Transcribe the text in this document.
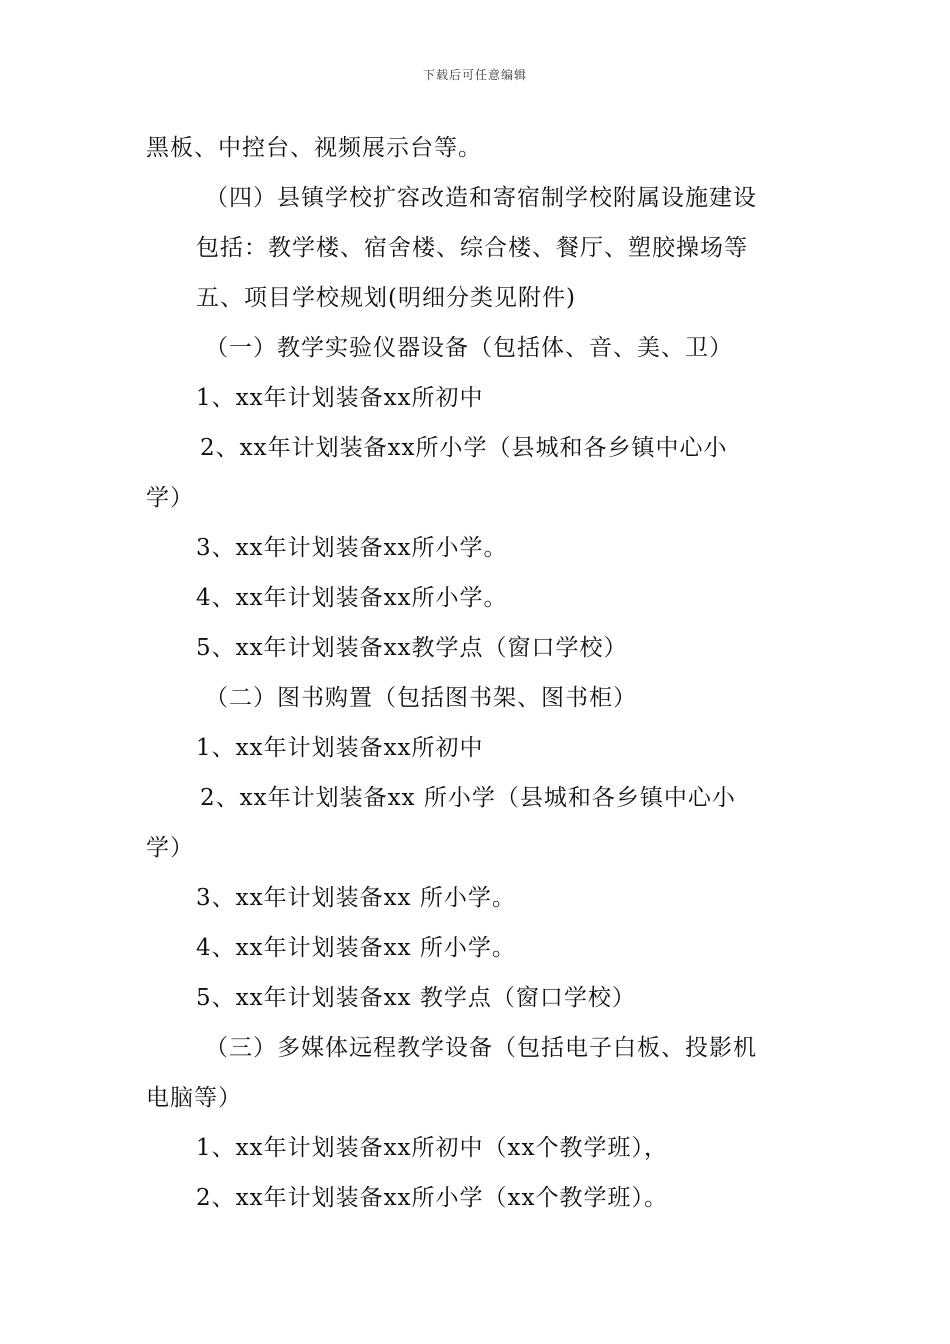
下载后可任意编辑
黑板、中控台、视频展示台等。
（四）县镇学校扩容改造和寄宿制学校附属设施建设
包括：教学楼、宿舍楼、综合楼、餐厅、塑胶操场等
五、项目学校规划(明细分类见附件)
（一）教学实验仪器设备（包括体、音、美、卫）
1、xx年计划装备xx所初中
2、xx年计划装备xx所小学（县城和各乡镇中心小
学）
3、xx年计划装备xx所小学。
4、xx年计划装备xx所小学。
5、xx年计划装备xx教学点（窗口学校）
（二）图书购置（包括图书架、图书柜）
1、xx年计划装备xx所初中
2、xx年计划装备xx 所小学（县城和各乡镇中心小
学）
3、xx年计划装备xx 所小学。
4、xx年计划装备xx 所小学。
5、xx年计划装备xx 教学点（窗口学校）
（三）多媒体远程教学设备（包括电子白板、投影机
电脑等）
1、xx年计划装备xx所初中（xx个教学班），
2、xx年计划装备xx所小学（xx个教学班）。
